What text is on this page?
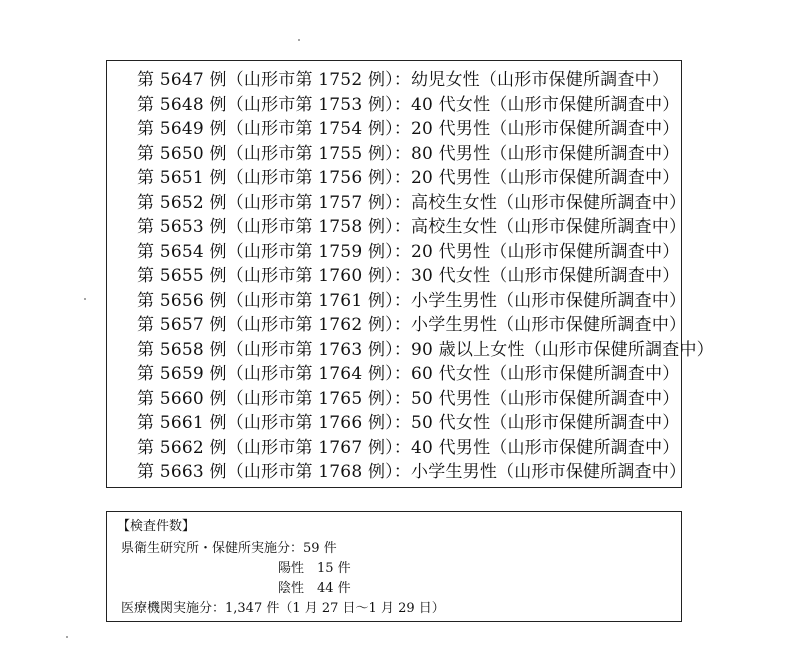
第 5647 例（山形市第 1752 例）：幼児女性（山形市保健所調査中）
第 5648 例（山形市第 1753 例）：40 代女性（山形市保健所調査中）
第 5649 例（山形市第 1754 例）：20 代男性（山形市保健所調査中）
第 5650 例（山形市第 1755 例）：80 代男性（山形市保健所調査中）
第 5651 例（山形市第 1756 例）：20 代男性（山形市保健所調査中）
第 5652 例（山形市第 1757 例）：高校生女性（山形市保健所調査中）
第 5653 例（山形市第 1758 例）：高校生女性（山形市保健所調査中）
第 5654 例（山形市第 1759 例）：20 代男性（山形市保健所調査中）
第 5655 例（山形市第 1760 例）：30 代女性（山形市保健所調査中）
第 5656 例（山形市第 1761 例）：小学生男性（山形市保健所調査中）
第 5657 例（山形市第 1762 例）：小学生男性（山形市保健所調査中）
第 5658 例（山形市第 1763 例）：90 歳以上女性（山形市保健所調査中）
第 5659 例（山形市第 1764 例）：60 代女性（山形市保健所調査中）
第 5660 例（山形市第 1765 例）：50 代男性（山形市保健所調査中）
第 5661 例（山形市第 1766 例）：50 代女性（山形市保健所調査中）
第 5662 例（山形市第 1767 例）：40 代男性（山形市保健所調査中）
第 5663 例（山形市第 1768 例）：小学生男性（山形市保健所調査中）
【検査件数】
県衛生研究所・保健所実施分：59 件
陽性　15 件
陰性　44 件
医療機関実施分：1,347 件（1 月 27 日～1 月 29 日）
